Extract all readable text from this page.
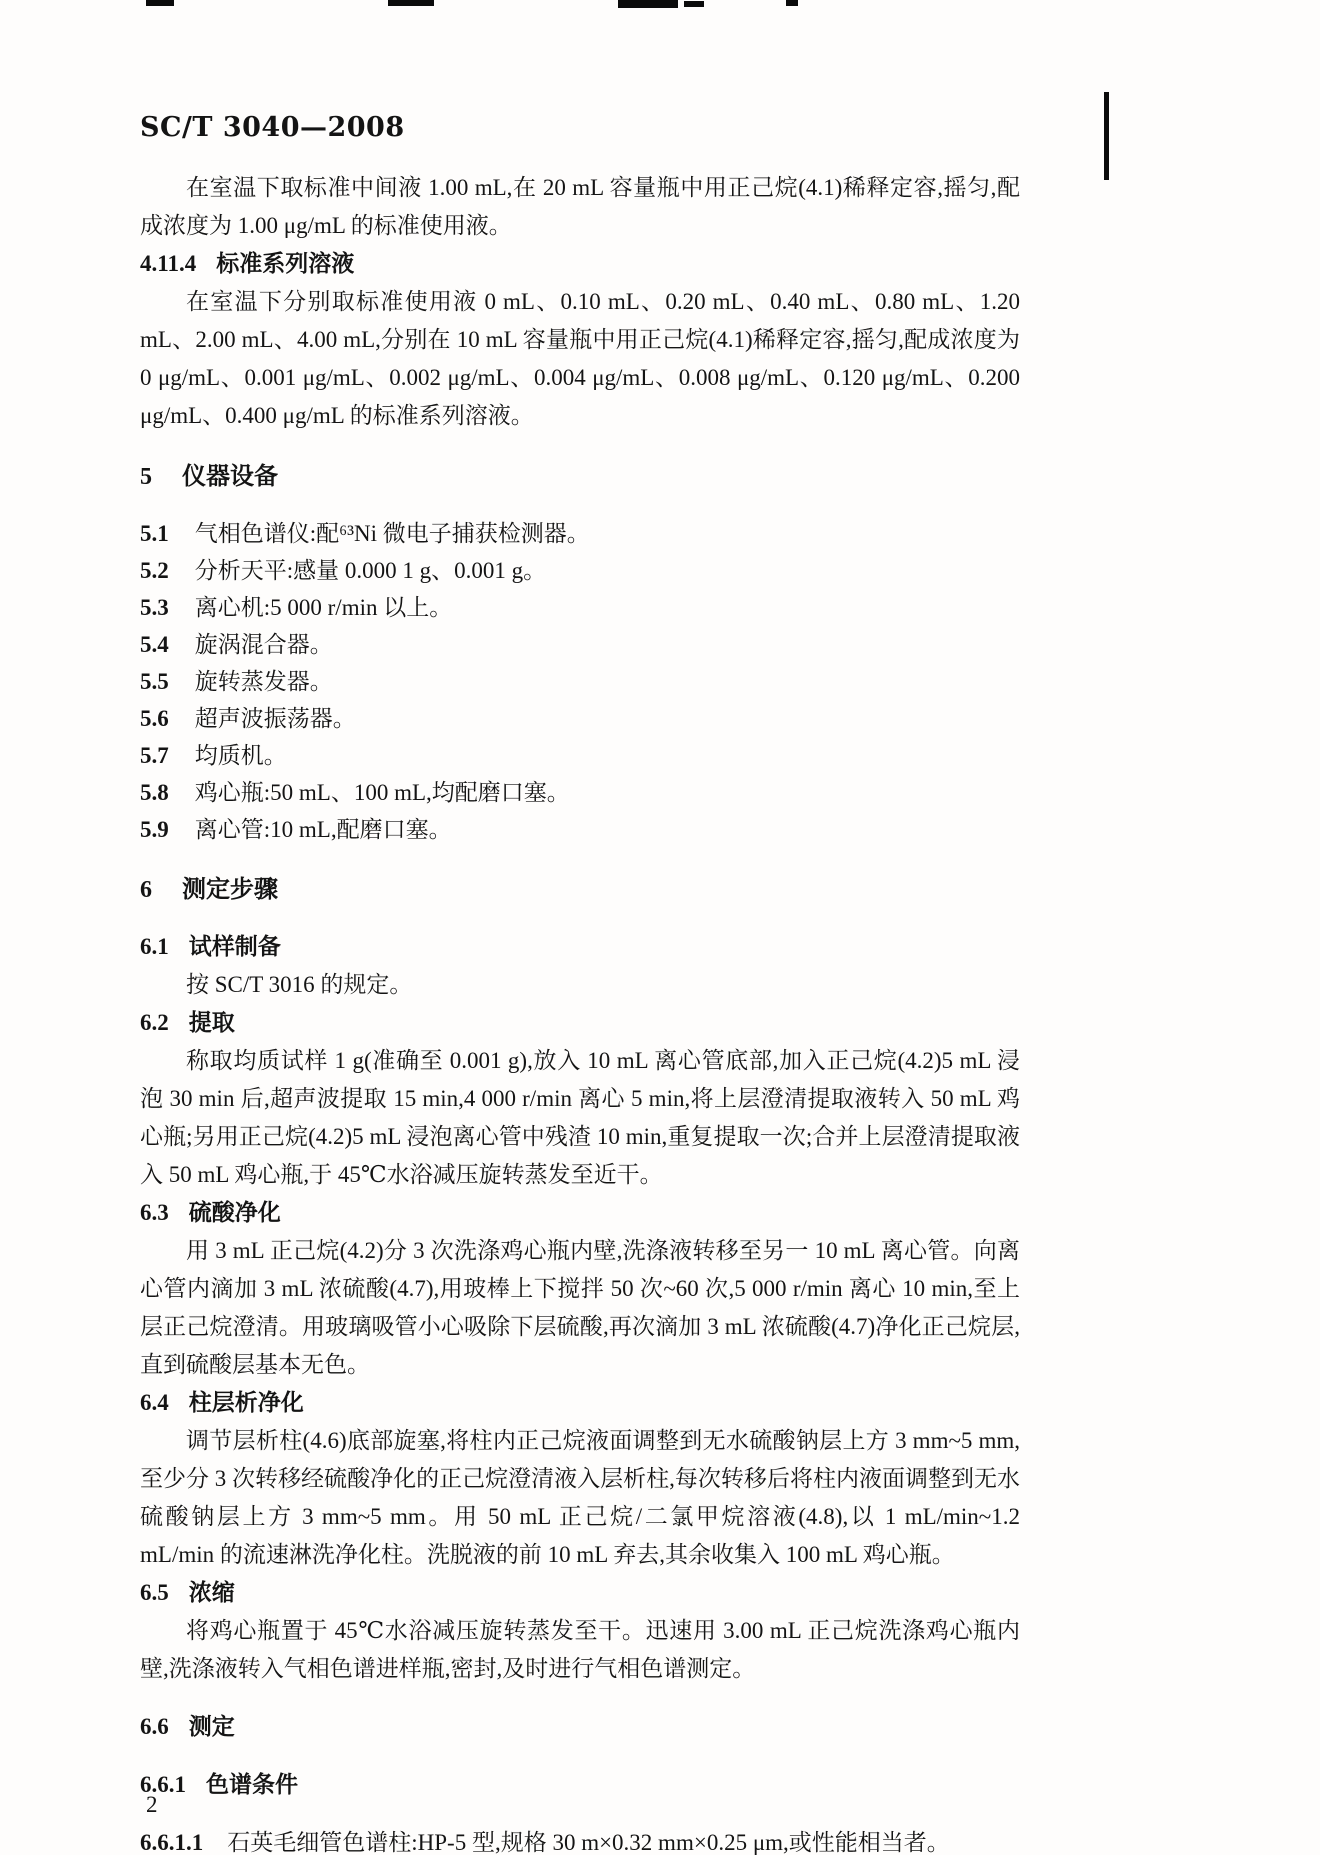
SC/T 3040—2008

在室温下取标准中间液 1.00 mL,在 20 mL 容量瓶中用正己烷(4.1)稀释定容,摇匀,配成浓度为 1.00 μg/mL 的标准使用液。

4.11.4 标准系列溶液

在室温下分别取标准使用液 0 mL、0.10 mL、0.20 mL、0.40 mL、0.80 mL、1.20 mL、2.00 mL、4.00 mL,分别在 10 mL 容量瓶中用正己烷(4.1)稀释定容,摇匀,配成浓度为 0 μg/mL、0.001 μg/mL、0.002 μg/mL、0.004 μg/mL、0.008 μg/mL、0.120 μg/mL、0.200 μg/mL、0.400 μg/mL 的标准系列溶液。

5 仪器设备
5.1 气相色谱仪:配⁶³Ni 微电子捕获检测器。
5.2 分析天平:感量 0.000 1 g、0.001 g。
5.3 离心机:5 000 r/min 以上。
5.4 旋涡混合器。
5.5 旋转蒸发器。
5.6 超声波振荡器。
5.7 均质机。
5.8 鸡心瓶:50 mL、100 mL,均配磨口塞。
5.9 离心管:10 mL,配磨口塞。
6 测定步骤
6.1 试样制备

按 SC/T 3016 的规定。

6.2 提取

称取均质试样 1 g(准确至 0.001 g),放入 10 mL 离心管底部,加入正己烷(4.2)5 mL 浸泡 30 min 后,超声波提取 15 min,4 000 r/min 离心 5 min,将上层澄清提取液转入 50 mL 鸡心瓶;另用正己烷(4.2)5 mL 浸泡离心管中残渣 10 min,重复提取一次;合并上层澄清提取液入 50 mL 鸡心瓶,于 45℃水浴减压旋转蒸发至近干。

6.3 硫酸净化

用 3 mL 正己烷(4.2)分 3 次洗涤鸡心瓶内壁,洗涤液转移至另一 10 mL 离心管。向离心管内滴加 3 mL 浓硫酸(4.7),用玻棒上下搅拌 50 次~60 次,5 000 r/min 离心 10 min,至上层正己烷澄清。用玻璃吸管小心吸除下层硫酸,再次滴加 3 mL 浓硫酸(4.7)净化正己烷层,直到硫酸层基本无色。

6.4 柱层析净化

调节层析柱(4.6)底部旋塞,将柱内正己烷液面调整到无水硫酸钠层上方 3 mm~5 mm,至少分 3 次转移经硫酸净化的正己烷澄清液入层析柱,每次转移后将柱内液面调整到无水硫酸钠层上方 3 mm~5 mm。用 50 mL 正己烷/二氯甲烷溶液(4.8),以 1 mL/min~1.2 mL/min 的流速淋洗净化柱。洗脱液的前 10 mL 弃去,其余收集入 100 mL 鸡心瓶。

6.5 浓缩

将鸡心瓶置于 45℃水浴减压旋转蒸发至干。迅速用 3.00 mL 正己烷洗涤鸡心瓶内壁,洗涤液转入气相色谱进样瓶,密封,及时进行气相色谱测定。

6.6 测定
6.6.1 色谱条件
6.6.1.1 石英毛细管色谱柱:HP-5 型,规格 30 m×0.32 mm×0.25 μm,或性能相当者。
2
